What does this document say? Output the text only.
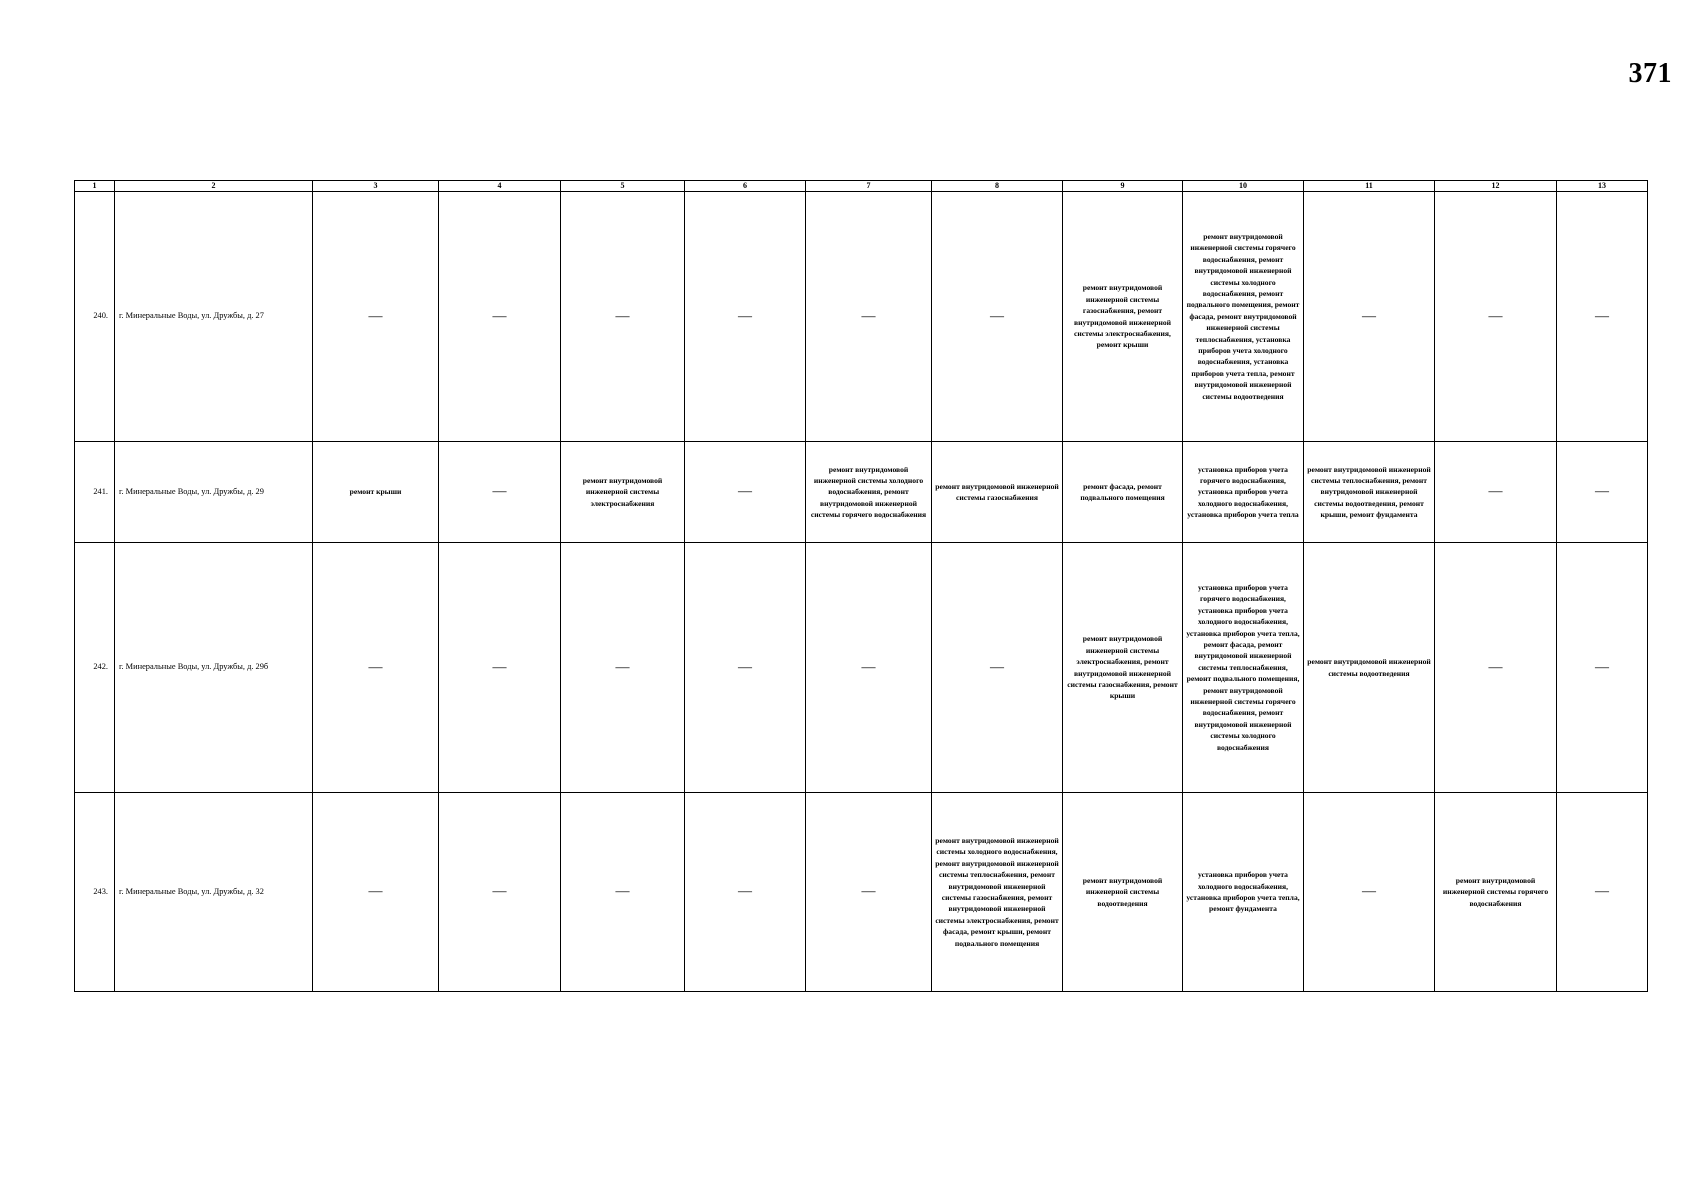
371
1	2	3	4	5	6	7	8	9	10	11	12	13
240.	г. Минеральные Воды, ул. Дружбы, д. 27	—	—	—	—	—	—	ремонт внутридомовой инженерной системы газоснабжения, ремонт внутридомовой инженерной системы электроснабжения, ремонт крыши	ремонт внутридомовой инженерной системы горячего водоснабжения, ремонт внутридомовой инженерной системы холодного водоснабжения, ремонт подвального помещения, ремонт фасада, ремонт внутридомовой инженерной системы теплоснабжения, установка приборов учета холодного водоснабжения, установка приборов учета тепла, ремонт внутридомовой инженерной системы водоотведения	—	—	—
241.	г. Минеральные Воды, ул. Дружбы, д. 29	ремонт крыши	—	ремонт внутридомовой инженерной системы электроснабжения	—	ремонт внутридомовой инженерной системы холодного водоснабжения, ремонт внутридомовой инженерной системы горячего водоснабжения	ремонт внутридомовой инженерной системы газоснабжения	ремонт фасада, ремонт подвального помещения	установка приборов учета горячего водоснабжения, установка приборов учета холодного водоснабжения, установка приборов учета тепла	ремонт внутридомовой инженерной системы теплоснабжения, ремонт внутридомовой инженерной системы водоотведения, ремонт крыши, ремонт фундамента	—	—
242.	г. Минеральные Воды, ул. Дружбы, д. 29б	—	—	—	—	—	—	ремонт внутридомовой инженерной системы электроснабжения, ремонт внутридомовой инженерной системы газоснабжения, ремонт крыши	установка приборов учета горячего водоснабжения, установка приборов учета холодного водоснабжения, установка приборов учета тепла, ремонт фасада, ремонт внутридомовой инженерной системы теплоснабжения, ремонт подвального помещения, ремонт внутридомовой инженерной системы горячего водоснабжения, ремонт внутридомовой инженерной системы холодного водоснабжения	ремонт внутридомовой инженерной системы водоотведения	—	—
243.	г. Минеральные Воды, ул. Дружбы, д. 32	—	—	—	—	—	ремонт внутридомовой инженерной системы холодного водоснабжения, ремонт внутридомовой инженерной системы теплоснабжения, ремонт внутридомовой инженерной системы газоснабжения, ремонт внутридомовой инженерной системы электроснабжения, ремонт фасада, ремонт крыши, ремонт подвального помещения	ремонт внутридомовой инженерной системы водоотведения	установка приборов учета холодного водоснабжения, установка приборов учета тепла, ремонт фундамента	—	ремонт внутридомовой инженерной системы горячего водоснабжения	—
